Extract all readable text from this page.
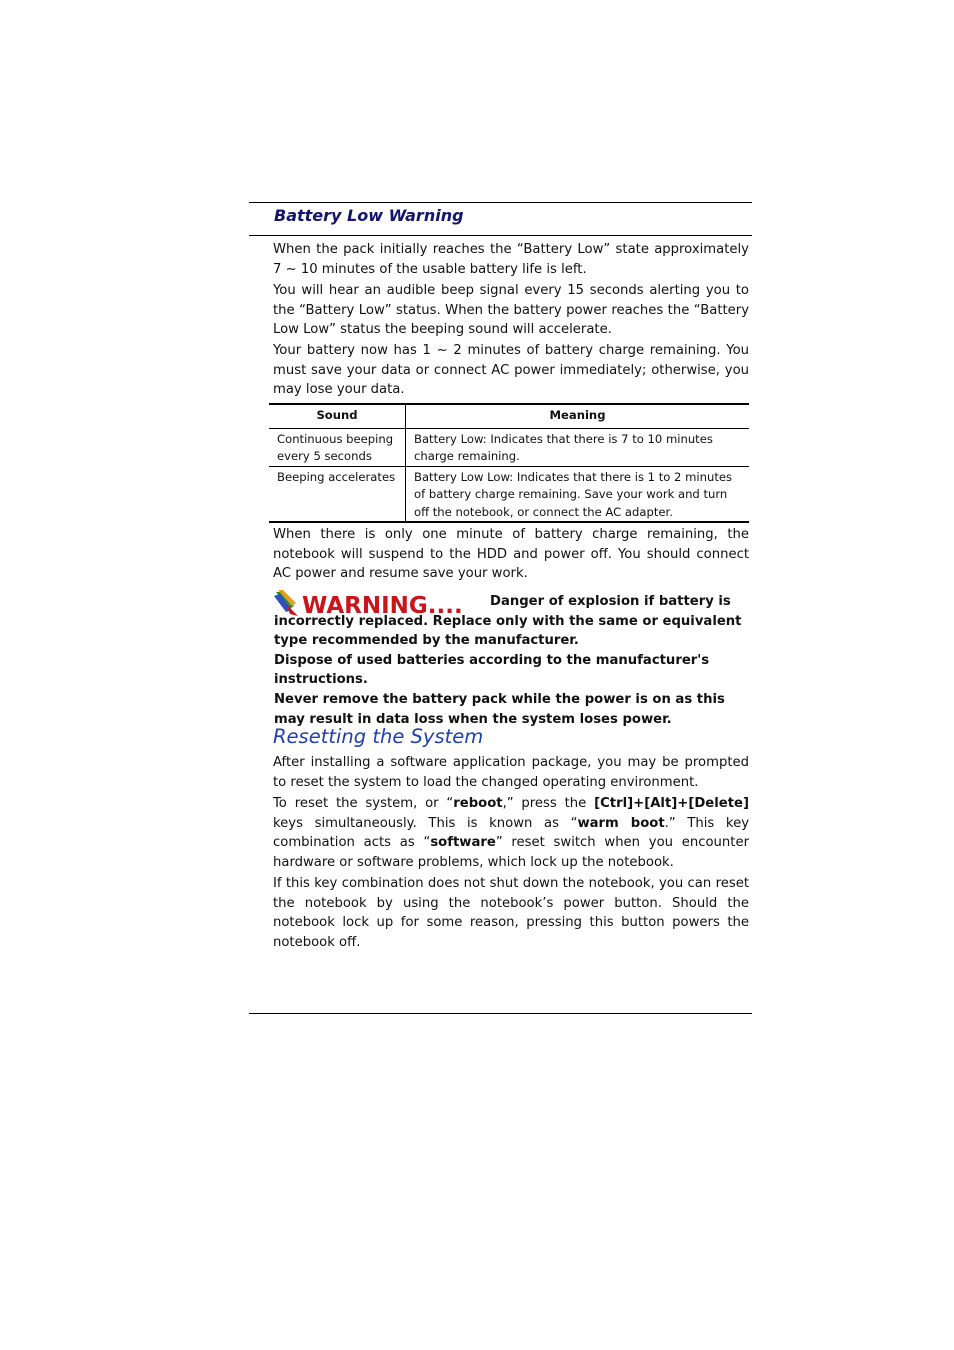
Battery Low Warning

When the pack initially reaches the “Battery Low” state approximately 7 ~ 10 minutes of the usable battery life is left.

You will hear an audible beep signal every 15 seconds alerting you to the “Battery Low” status. When the battery power reaches the “Battery Low Low” status the beeping sound will accelerate.

Your battery now has 1 ~ 2 minutes of battery charge remaining. You must save your data or connect AC power immediately; otherwise, you may lose your data.

Sound	Meaning
Continuous beeping every 5 seconds	Battery Low: Indicates that there is 7 to 10 minutes charge remaining.
Beeping accelerates	Battery Low Low: Indicates that there is 1 to 2 minutes of battery charge remaining. Save your work and turn off the notebook, or connect the AC adapter.

When there is only one minute of battery charge remaining, the notebook will suspend to the HDD and power off. You should connect AC power and resume save your work.

WARNING....	Danger of explosion if battery is incorrectly replaced. Replace only with the same or equivalent type recommended by the manufacturer.
Dispose of used batteries according to the manufacturer's instructions.
Never remove the battery pack while the power is on as this may result in data loss when the system loses power.

Resetting the System

After installing a software application package, you may be prompted to reset the system to load the changed operating environment.

To reset the system, or “reboot,” press the [Ctrl]+[Alt]+[Delete] keys simultaneously. This is known as “warm boot.” This key combination acts as “software” reset switch when you encounter hardware or software problems, which lock up the notebook.

If this key combination does not shut down the notebook, you can reset the notebook by using the notebook’s power button. Should the notebook lock up for some reason, pressing this button powers the notebook off.
